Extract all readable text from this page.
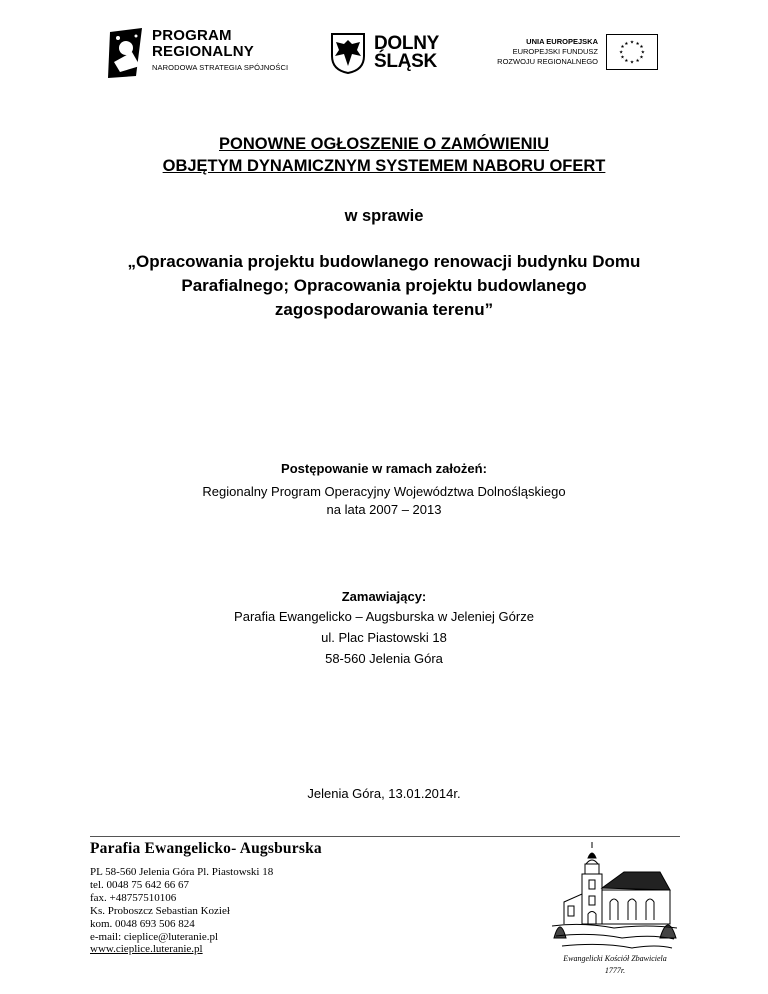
PROGRAM
REGIONALNY
NARODOWA STRATEGIA SPÓJNOŚCI
DOLNY
ŚLĄSK
UNIA EUROPEJSKA
EUROPEJSKI FUNDUSZ
ROZWOJU REGIONALNEGO
★ ★
★
★
★
★
★
★
★
★
★
★
PONOWNE OGŁOSZENIE O ZAMÓWIENIU
OBJĘTYM DYNAMICZNYM SYSTEMEM NABORU OFERT
w sprawie
„Opracowania projektu budowlanego renowacji budynku Domu
Parafialnego; Opracowania projektu budowlanego
zagospodarowania terenu”
Postępowanie w ramach założeń:
Regionalny Program Operacyjny Województwa Dolnośląskiego
na lata 2007 – 2013
Zamawiający:
Parafia Ewangelicko – Augsburska w Jeleniej Górze
ul. Plac Piastowski 18
58-560 Jelenia Góra
Jelenia Góra, 13.01.2014r.
Parafia Ewangelicko- Augsburska
PL 58-560 Jelenia Góra Pl. Piastowski 18
tel. 0048 75 642 66 67
fax. +48757510106
Ks. Proboszcz Sebastian Kozieł
kom. 0048 693 506 824
e-mail: cieplice@luteranie.pl
www.cieplice.luteranie.pl
Ewangelicki Kościół Zbawiciela
1777r.
